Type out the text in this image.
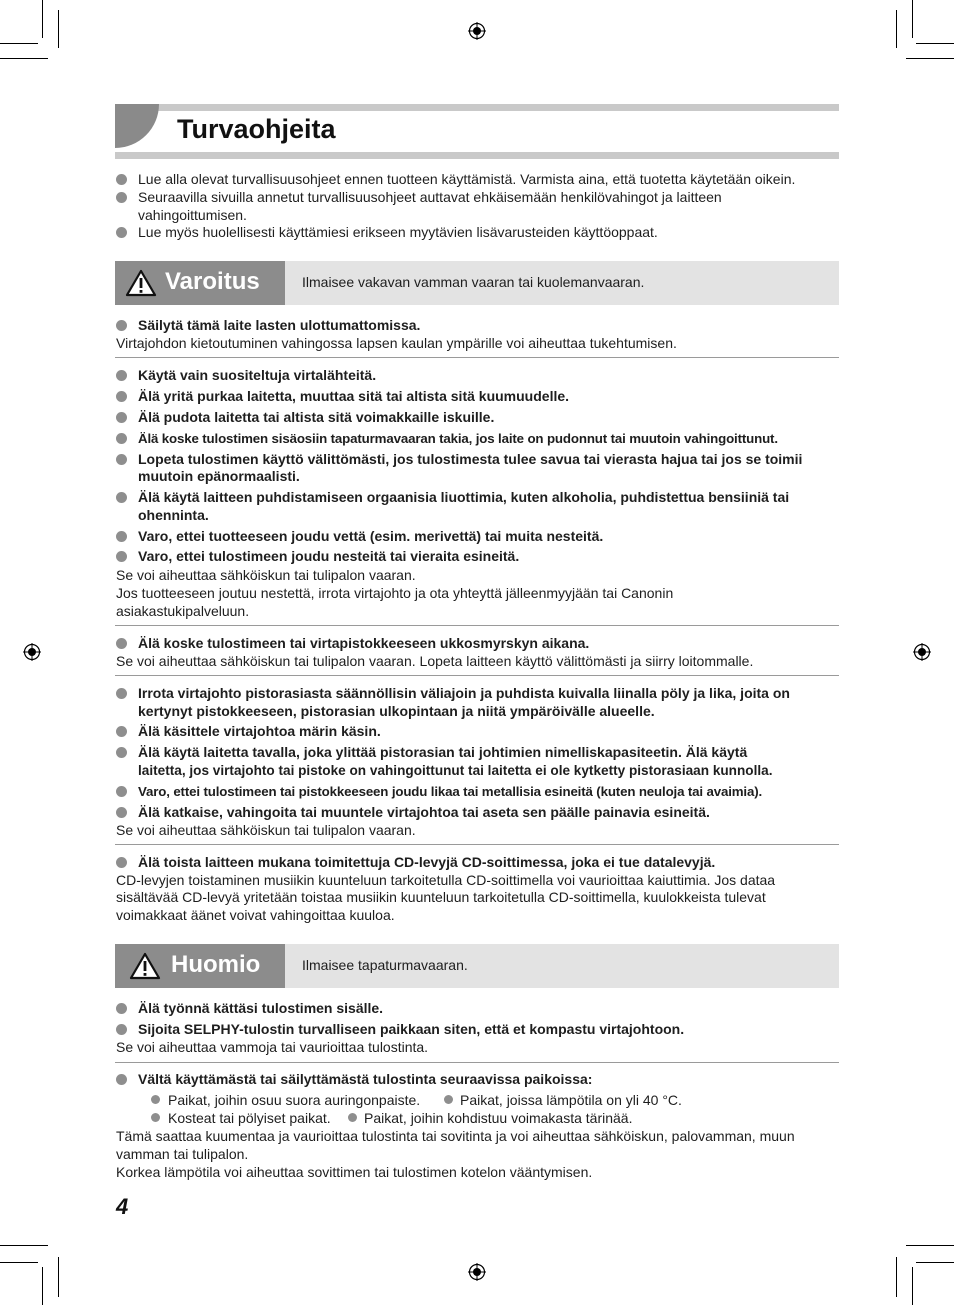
Turvaohjeita
Lue alla olevat turvallisuusohjeet ennen tuotteen käyttämistä. Varmista aina, että tuotetta käytetään oikein.
Seuraavilla sivuilla annetut turvallisuusohjeet auttavat ehkäisemään henkilövahingot ja laitteen
vahingoittumisen.
Lue myös huolellisesti käyttämiesi erikseen myytävien lisävarusteiden käyttöoppaat.
Varoitus	Ilmaisee vakavan vamman vaaran tai kuolemanvaaran.
Säilytä tämä laite lasten ulottumattomissa.
Virtajohdon kietoutuminen vahingossa lapsen kaulan ympärille voi aiheuttaa tukehtumisen.
Käytä vain suositeltuja virtalähteitä.
Älä yritä purkaa laitetta, muuttaa sitä tai altista sitä kuumuudelle.
Älä pudota laitetta tai altista sitä voimakkaille iskuille.
Älä koske tulostimen sisäosiin tapaturmavaaran takia, jos laite on pudonnut tai muutoin vahingoittunut.
Lopeta tulostimen käyttö välittömästi, jos tulostimesta tulee savua tai vierasta hajua tai jos se toimii
muutoin epänormaalisti.
Älä käytä laitteen puhdistamiseen orgaanisia liuottimia, kuten alkoholia, puhdistettua bensiiniä tai
ohenninta.
Varo, ettei tuotteeseen joudu vettä (esim. merivettä) tai muita nesteitä.
Varo, ettei tulostimeen joudu nesteitä tai vieraita esineitä.
Se voi aiheuttaa sähköiskun tai tulipalon vaaran.
Jos tuotteeseen joutuu nestettä, irrota virtajohto ja ota yhteyttä jälleenmyyjään tai Canonin
asiakastukipalveluun.
Älä koske tulostimeen tai virtapistokkeeseen ukkosmyrskyn aikana.
Se voi aiheuttaa sähköiskun tai tulipalon vaaran. Lopeta laitteen käyttö välittömästi ja siirry loitommalle.
Irrota virtajohto pistorasiasta säännöllisin väliajoin ja puhdista kuivalla liinalla pöly ja lika, joita on
kertynyt pistokkeeseen, pistorasian ulkopintaan ja niitä ympäröivälle alueelle.
Älä käsittele virtajohtoa märin käsin.
Älä käytä laitetta tavalla, joka ylittää pistorasian tai johtimien nimelliskapasiteetin. Älä käytä
laitetta, jos virtajohto tai pistoke on vahingoittunut tai laitetta ei ole kytketty pistorasiaan kunnolla.
Varo, ettei tulostimeen tai pistokkeeseen joudu likaa tai metallisia esineitä (kuten neuloja tai avaimia).
Älä katkaise, vahingoita tai muuntele virtajohtoa tai aseta sen päälle painavia esineitä.
Se voi aiheuttaa sähköiskun tai tulipalon vaaran.
Älä toista laitteen mukana toimitettuja CD-levyjä CD-soittimessa, joka ei tue datalevyjä.
CD-levyjen toistaminen musiikin kuunteluun tarkoitetulla CD-soittimella voi vaurioittaa kaiuttimia. Jos dataa
sisältävää CD-levyä yritetään toistaa musiikin kuunteluun tarkoitetulla CD-soittimella, kuulokkeista tulevat
voimakkaat äänet voivat vahingoittaa kuuloa.
Huomio	Ilmaisee tapaturmavaaran.
Älä työnnä kättäsi tulostimen sisälle.
Sijoita SELPHY-tulostin turvalliseen paikkaan siten, että et kompastu virtajohtoon.
Se voi aiheuttaa vammoja tai vaurioittaa tulostinta.
Vältä käyttämästä tai säilyttämästä tulostinta seuraavissa paikoissa:
Paikat, joihin osuu suora auringonpaiste.	Paikat, joissa lämpötila on yli 40 °C.
Kosteat tai pölyiset paikat. Paikat, joihin kohdistuu voimakasta tärinää.
Tämä saattaa kuumentaa ja vaurioittaa tulostinta tai sovitinta ja voi aiheuttaa sähköiskun, palovamman, muun
vamman tai tulipalon.
Korkea lämpötila voi aiheuttaa sovittimen tai tulostimen kotelon vääntymisen.
4
